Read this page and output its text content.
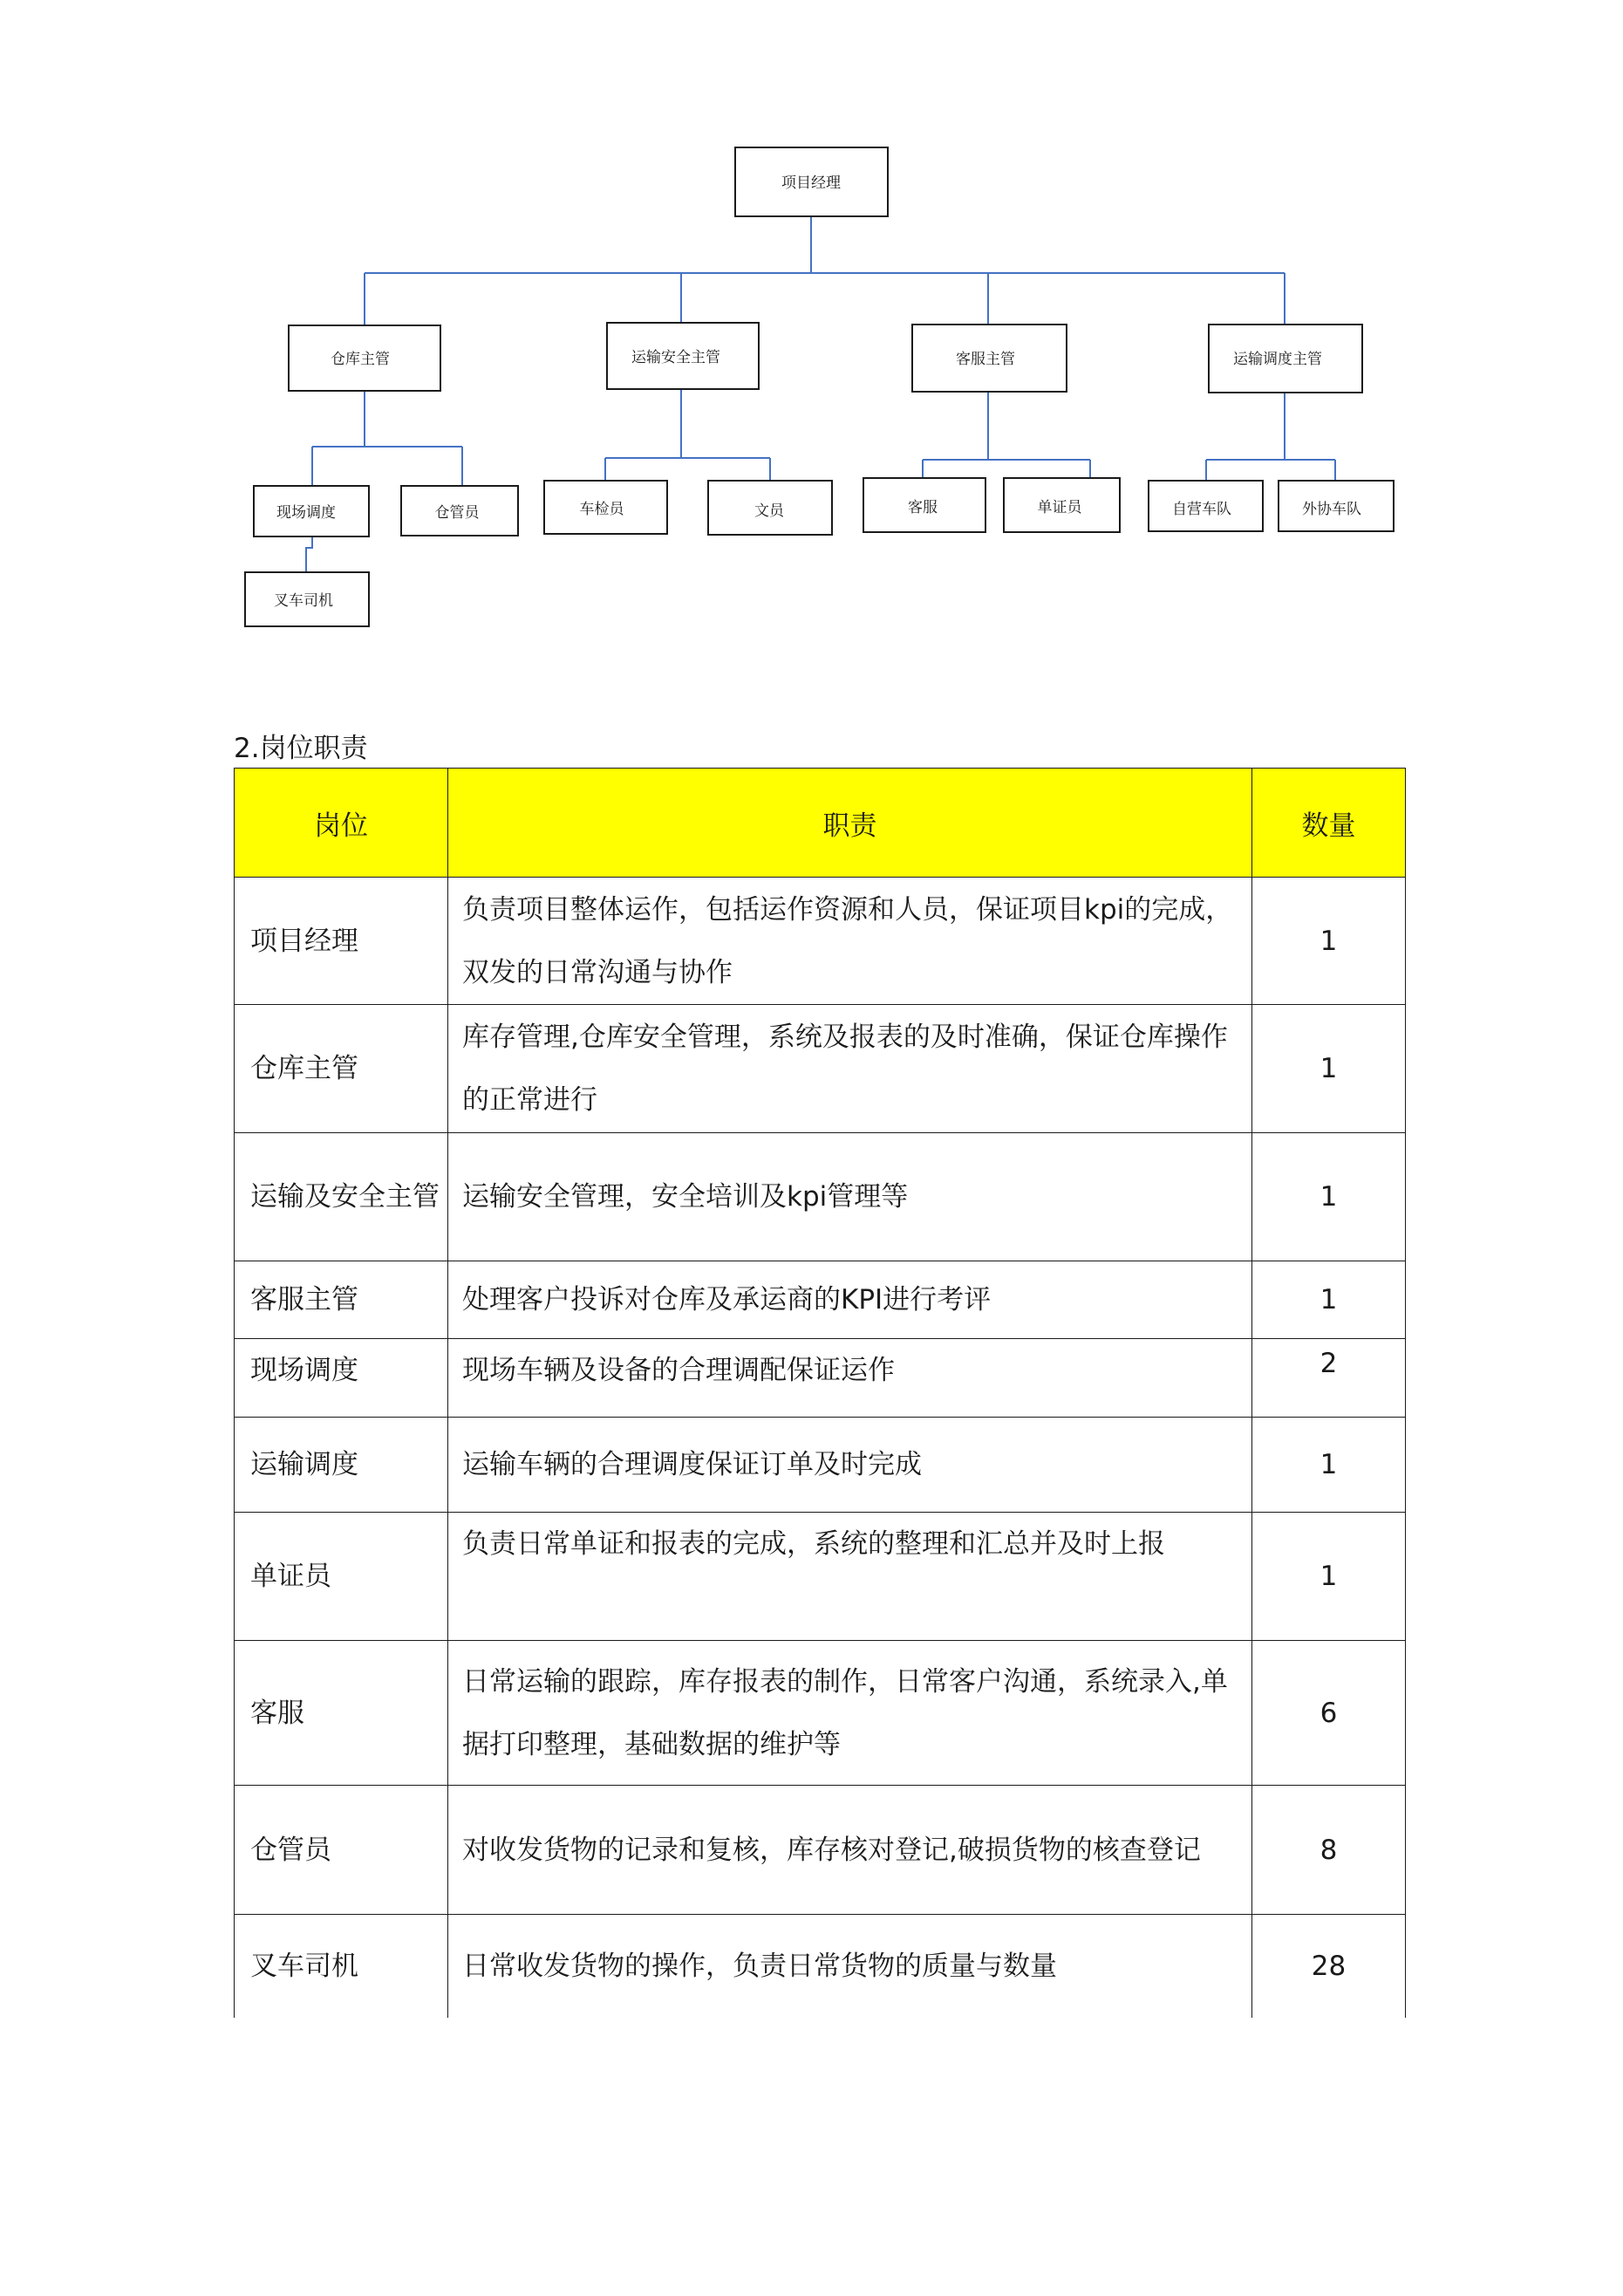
项目经理
仓库主管	运输安全主管	客服主管	运输调度主管
现场调度	仓管员	车检员	文员	客服	单证员	自营车队	外协车队
叉车司机
2.岗位职责
岗位	职责	数量
项目经理	负责项目整体运作，包括运作资源和人员，保证项目kpi的完成，双发的日常沟通与协作	1
仓库主管	库存管理,仓库安全管理，系统及报表的及时准确，保证仓库操作的正常进行	1
运输及安全主管	运输安全管理，安全培训及kpi管理等	1
客服主管	处理客户投诉对仓库及承运商的KPI进行考评	1
现场调度	现场车辆及设备的合理调配保证运作	2
运输调度	运输车辆的合理调度保证订单及时完成	1
单证员	负责日常单证和报表的完成，系统的整理和汇总并及时上报	1
客服	日常运输的跟踪，库存报表的制作，日常客户沟通，系统录入,单据打印整理，基础数据的维护等	6
仓管员	对收发货物的记录和复核，库存核对登记,破损货物的核查登记	8
叉车司机	日常收发货物的操作，负责日常货物的质量与数量	28
